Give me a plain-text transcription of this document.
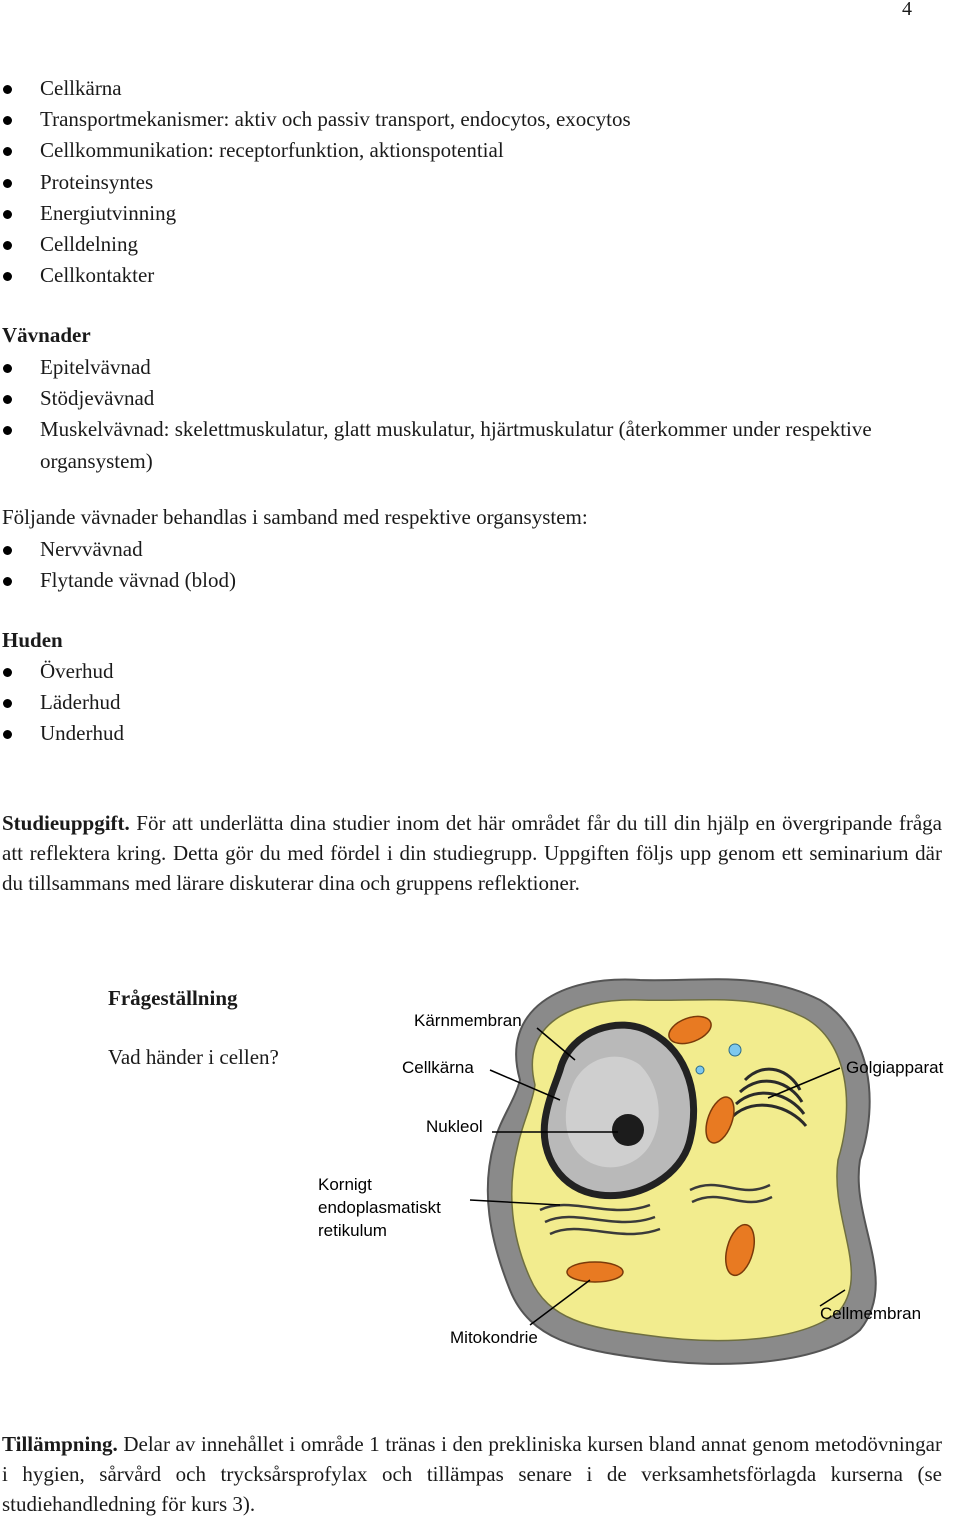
4
Cellkärna
Transportmekanismer: aktiv och passiv transport, endocytos, exocytos
Cellkommunikation: receptorfunktion, aktionspotential
Proteinsyntes
Energiutvinning
Celldelning
Cellkontakter
Vävnader
Epitelvävnad
Stödjevävnad
Muskelvävnad: skelettmuskulatur, glatt muskulatur, hjärtmuskulatur (återkommer under respektive organsystem)
Följande vävnader behandlas i samband med respektive organsystem:
Nervvävnad
Flytande vävnad (blod)
Huden
Överhud
Läderhud
Underhud

Studieuppgift. För att underlätta dina studier inom det här området får du till din hjälp en övergripande fråga att reflektera kring. Detta gör du med fördel i din studiegrupp. Uppgiften följs upp genom ett seminarium där du tillsammans med lärare diskuterar dina och gruppens reflektioner.

Frågeställning
Vad händer i cellen?
Kärnmembran
Cellkärna	Golgiapparat
Nukleol
Kornigt
endoplasmatiskt
retikulum
Mitokondrie
Cellmembran

Tillämpning. Delar av innehållet i område 1 tränas i den prekliniska kursen bland annat genom metodövningar i hygien, sårvård och trycksårsprofylax och tillämpas senare i de verksamhetsförlagda kurserna (se studiehandledning för kurs 3).
